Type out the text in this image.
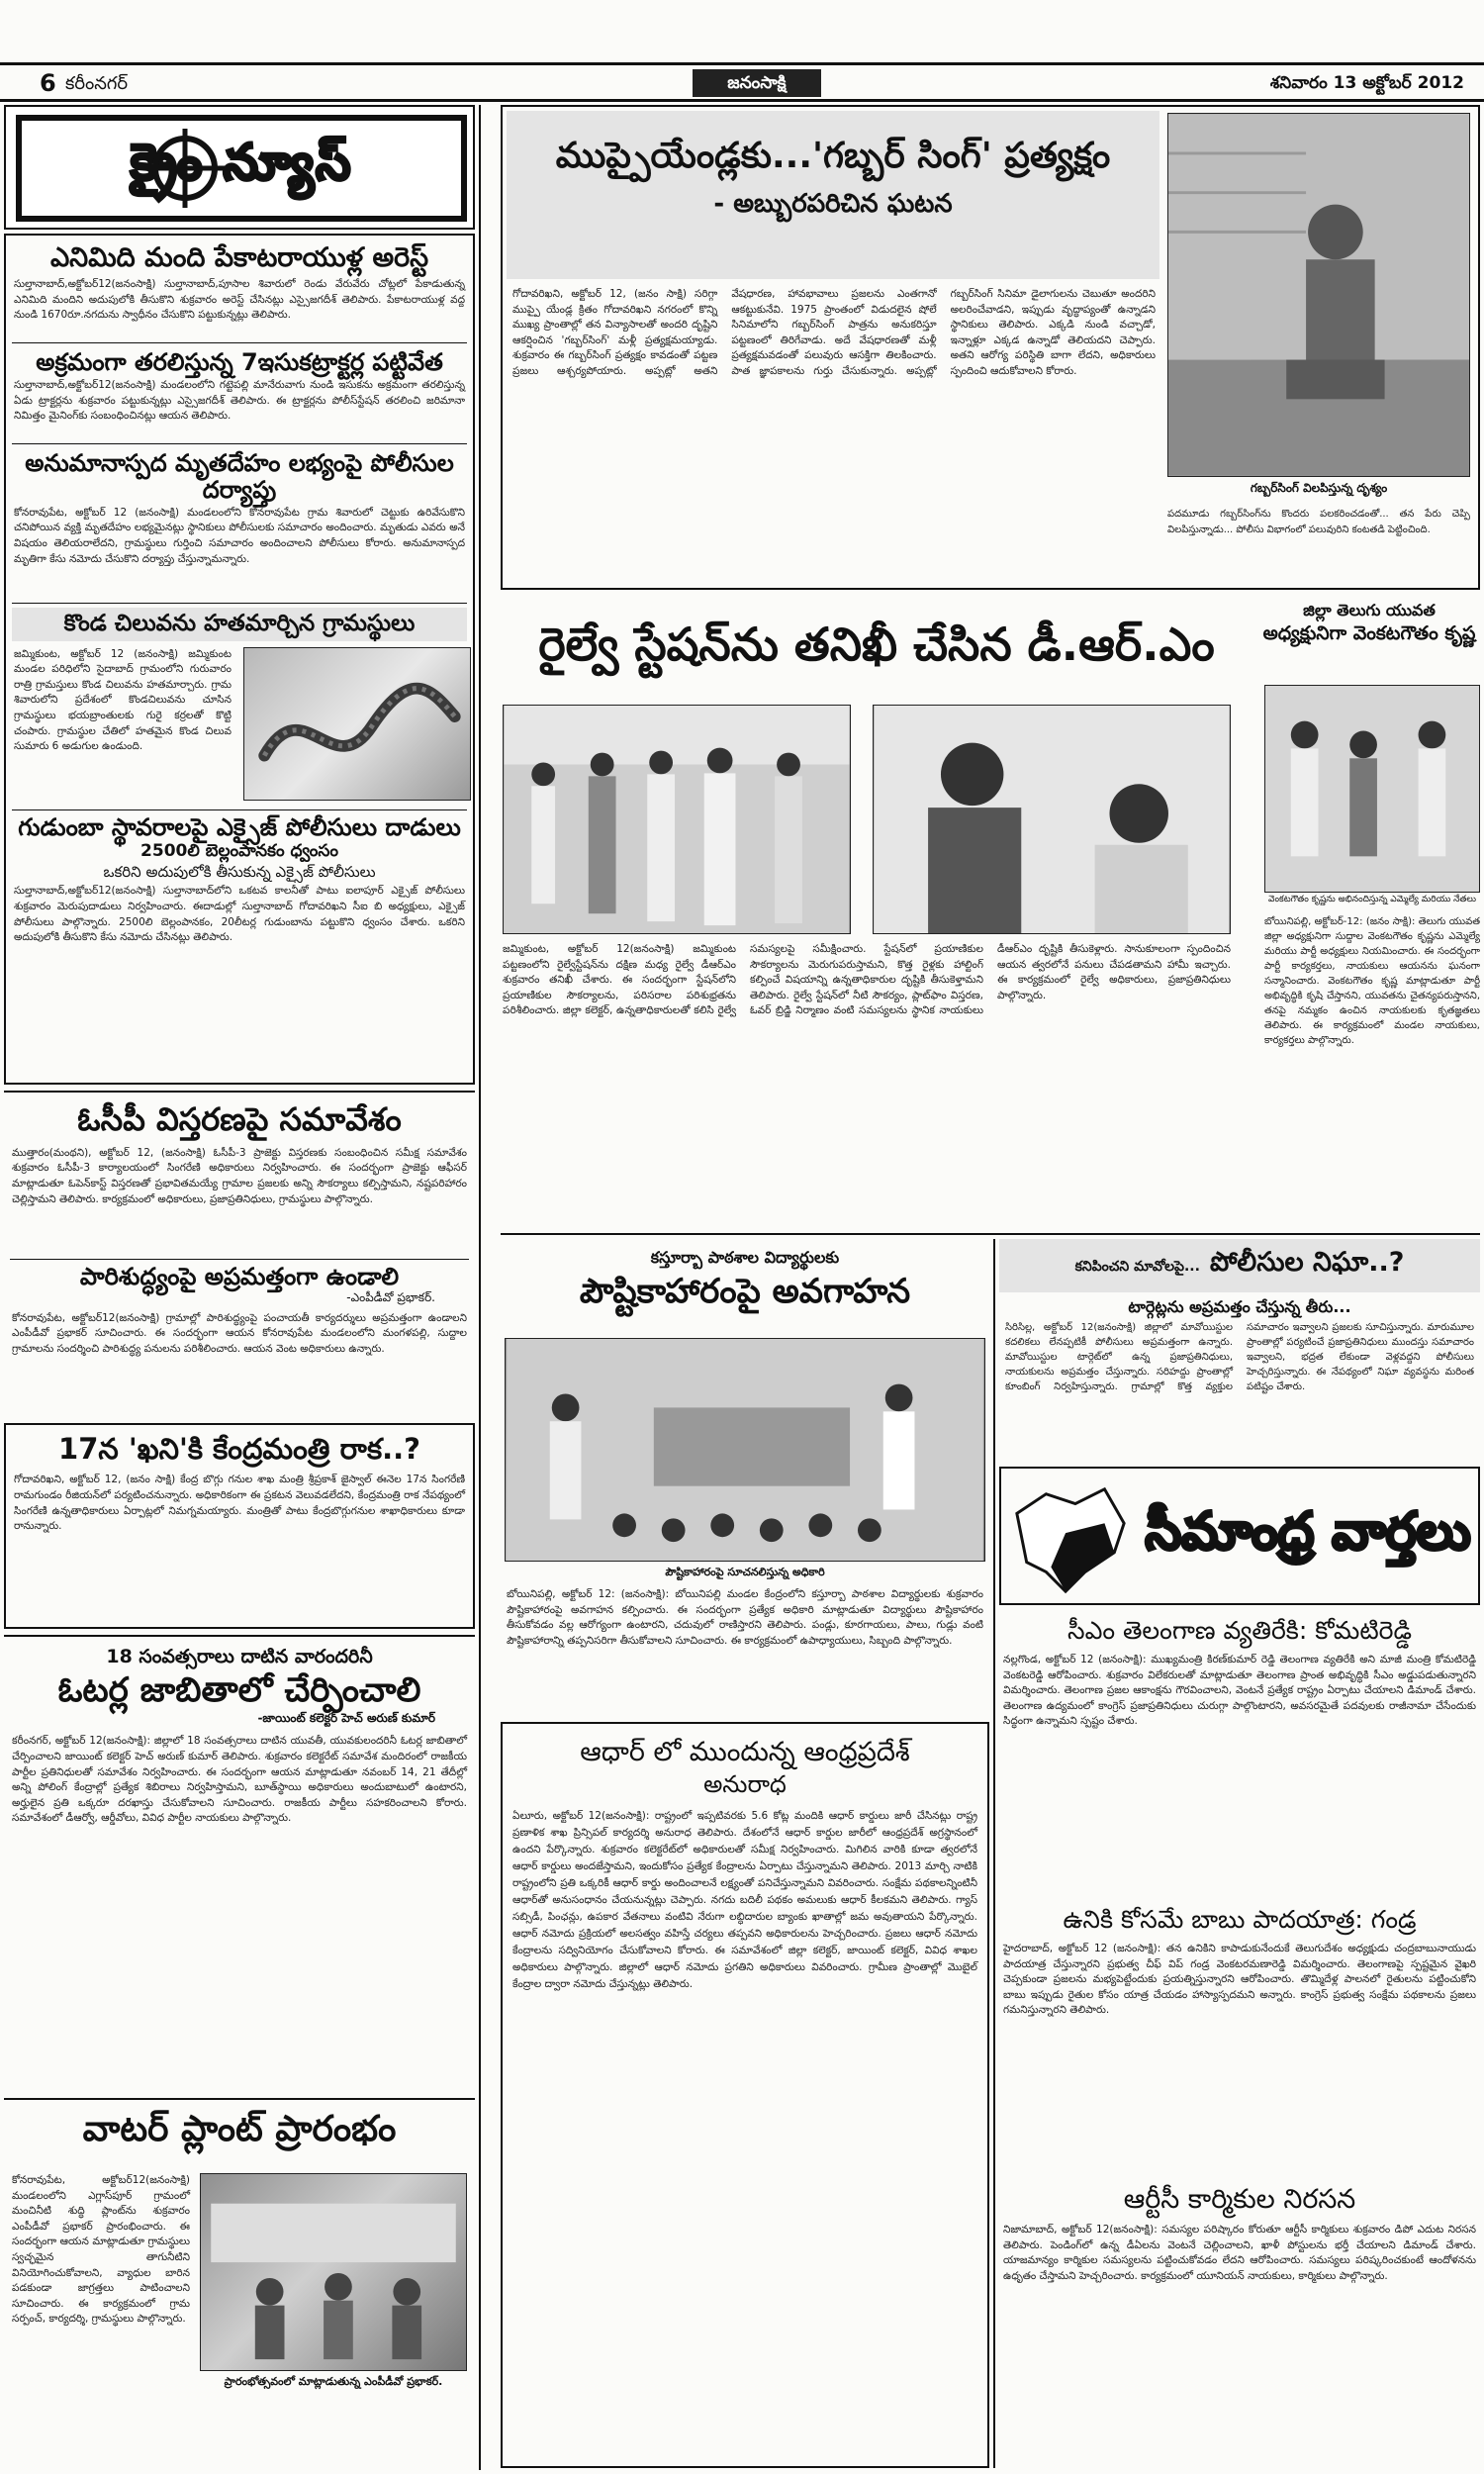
6 కరీంనగర్	జనంసాక్షి	శనివారం 13 అక్టోబర్ 2012
క్రైం న్యూస్
ఎనిమిది మంది పేకాటరాయుళ్ల అరెస్ట్
సుల్తానాబాద్,అక్టోబర్12(జనంసాక్షి) సుల్తానాబాద్,పూసాల శివారులో రెండు వేరువేరు చోట్లలో పేకాడుతున్న ఎనిమిది మందిని అదుపులోకి తీసుకొని శుక్రవారం అరెస్ట్ చేసినట్లు ఎస్సైజగదీశ్ తెలిపారు. పేకాటరాయుళ్ల వద్ద నుండి 1670రూ.నగదును స్వాధీనం చేసుకొని పట్టుకున్నట్లు తెలిపారు.
అక్రమంగా తరలిస్తున్న 7ఇసుకట్రాక్టర్ల పట్టివేత
సుల్తానాబాద్,అక్టోబర్12(జనంసాక్షి) మండలంలోని గట్టెపల్లి మానేరువాగు నుండి ఇసుకను అక్రమంగా తరలిస్తున్న ఏడు ట్రాక్టర్లను శుక్రవారం పట్టుకున్నట్లు ఎస్సైజగదీశ్ తెలిపారు. ఈ ట్రాక్టర్లను పోలీస్‌స్టేషన్ తరలించి జరిమానా నిమిత్తం మైనింగ్‌కు సంబంధించినట్లు ఆయన తెలిపారు.
అనుమానాస్పద మృతదేహం లభ్యంపై పోలీసుల దర్యాప్తు
కోనరావుపేట, అక్టోబర్ 12 (జనంసాక్షి) మండలంలోని కోనరావుపేట గ్రామ శివారులో చెట్టుకు ఉరివేసుకొని చనిపోయిన వ్యక్తి మృతదేహం లభ్యమైనట్లు స్థానికులు పోలీసులకు సమాచారం అందించారు. మృతుడు ఎవరు అనే విషయం తెలియరాలేదని, గ్రామస్థులు గుర్తించి సమాచారం అందించాలని పోలీసులు కోరారు. అనుమానాస్పద మృతిగా కేసు నమోదు చేసుకొని దర్యాప్తు చేస్తున్నామన్నారు.
కొండ చిలువను హతమార్చిన గ్రామస్థులు
జమ్మికుంట, అక్టోబర్ 12 (జనంసాక్షి) జమ్మికుంట మండల పరిధిలోని సైదాబాద్ గ్రామంలోని గురువారం రాత్రి గ్రామస్తులు కొండ చిలువను హతమార్చారు. గ్రామ శివారులోని ప్రదేశంలో కొండచిలువను చూసిన గ్రామస్థులు భయబ్రాంతులకు గురై కర్రలతో కొట్టి చంపారు. గ్రామస్థుల చేతిలో హతమైన కొండ చిలువ సుమారు 6 అడుగుల ఉండుంది.
గుడుంబా స్థావరాలపై ఎక్సైజ్ పోలీసులు దాడులు
2500లి బెల్లంపానకం ధ్వంసం
ఒకరిని అదుపులోకి తీసుకున్న ఎక్సైజ్ పోలీసులు
సుల్తానాబాద్,అక్టోబర్12(జనంసాక్షి) సుల్తానాబాద్‌లోని ఒకటవ కాలనీతో పాటు ఐలాపూర్ ఎక్సైజ్ పోలీసులు శుక్రవారం మెరుపుదాడులు నిర్వహించారు. ఈదాడుల్లో సుల్తానాబాద్ గోదావరిఖని సీఐ బి అధ్యక్షులు, ఎక్సైజ్ పోలీసులు పాల్గొన్నారు. 2500లి బెల్లంపానకం, 20లీటర్ల గుడుంబాను పట్టుకొని ధ్వంసం చేశారు. ఒకరిని అదుపులోకి తీసుకొని కేసు నమోదు చేసినట్లు తెలిపారు.
ఓసీపీ విస్తరణపై సమావేశం
ముత్తారం(మంథని), అక్టోబర్ 12, (జనంసాక్షి) ఓసీపీ-3 ప్రాజెక్టు విస్తరణకు సంబంధించిన సమీక్ష సమావేశం శుక్రవారం ఓసీపీ-3 కార్యాలయంలో సింగరేణి అధికారులు నిర్వహించారు. ఈ సందర్భంగా ప్రాజెక్టు ఆఫీసర్ మాట్లాడుతూ ఓపెన్‌కాస్ట్ విస్తరణతో ప్రభావితమయ్యే గ్రామాల ప్రజలకు అన్ని సౌకర్యాలు కల్పిస్తామని, నష్టపరిహారం చెల్లిస్తామని తెలిపారు. కార్యక్రమంలో అధికారులు, ప్రజాప్రతినిధులు, గ్రామస్థులు పాల్గొన్నారు.
పారిశుద్ధ్యంపై అప్రమత్తంగా ఉండాలి
-ఎంపీడీవో ప్రభాకర్.
కోనరావుపేట, అక్టోబర్12(జనంసాక్షి) గ్రామాల్లో పారిశుద్ధ్యంపై పంచాయతీ కార్యదర్శులు అప్రమత్తంగా ఉండాలని ఎంపీడీవో ప్రభాకర్ సూచించారు. ఈ సందర్భంగా ఆయన కోనరావుపేట మండలంలోని మంగళపల్లి, సుద్దాల గ్రామాలను సందర్శించి పారిశుద్ధ్య పనులను పరిశీలించారు. ఆయన వెంట అధికారులు ఉన్నారు.
17న 'ఖని'కి కేంద్రమంత్రి రాక..?
గోదావరిఖని, అక్టోబర్ 12, (జనం సాక్షి) కేంద్ర బొగ్గు గనుల శాఖ మంత్రి శ్రీప్రకాశ్ జైస్వాల్ ఈనెల 17న సింగరేణి రామగుండం రీజియన్‌లో పర్యటించనున్నారు. అధికారికంగా ఈ ప్రకటన వెలువడలేదని, కేంద్రమంత్రి రాక నేపథ్యంలో సింగరేణి ఉన్నతాధికారులు ఏర్పాట్లలో నిమగ్నమయ్యారు. మంత్రితో పాటు కేంద్రబొగ్గుగనుల శాఖాధికారులు కూడా రానున్నారు.
18 సంవత్సరాలు దాటిన వారందరినీ
ఓటర్ల జాబితాలో చేర్పించాలి
-జాయింట్ కలెక్టర్ హెచ్ అరుణ్ కుమార్
కరీంనగర్, అక్టోబర్ 12(జనంసాక్షి): జిల్లాలో 18 సంవత్సరాలు దాటిన యువతీ, యువకులందరినీ ఓటర్ల జాబితాలో చేర్పించాలని జాయింట్ కలెక్టర్ హెచ్ అరుణ్ కుమార్ తెలిపారు. శుక్రవారం కలెక్టరేట్ సమావేశ మందిరంలో రాజకీయ పార్టీల ప్రతినిధులతో సమావేశం నిర్వహించారు. ఈ సందర్భంగా ఆయన మాట్లాడుతూ నవంబర్ 14, 21 తేదీల్లో అన్ని పోలింగ్ కేంద్రాల్లో ప్రత్యేక శిబిరాలు నిర్వహిస్తామని, బూత్‌స్థాయి అధికారులు అందుబాటులో ఉంటారని, అర్హులైన ప్రతి ఒక్కరూ దరఖాస్తు చేసుకోవాలని సూచించారు. రాజకీయ పార్టీలు సహకరించాలని కోరారు. సమావేశంలో డీఆర్వో, ఆర్డీవోలు, వివిధ పార్టీల నాయకులు పాల్గొన్నారు.
వాటర్ ప్లాంట్ ప్రారంభం
కోనరావుపేట, అక్టోబర్12(జనంసాక్షి) మండలంలోని ఎగ్లాస్‌పూర్ గ్రామంలో మంచినీటి శుద్ధి ప్లాంట్‌ను శుక్రవారం ఎంపీడీవో ప్రభాకర్ ప్రారంభించారు. ఈ సందర్భంగా ఆయన మాట్లాడుతూ గ్రామస్థులు స్వచ్ఛమైన తాగునీటిని వినియోగించుకోవాలని, వ్యాధుల బారిన పడకుండా జాగ్రత్తలు పాటించాలని సూచించారు. ఈ కార్యక్రమంలో గ్రామ సర్పంచ్, కార్యదర్శి, గ్రామస్థులు పాల్గొన్నారు.
ప్రారంభోత్సవంలో మాట్లాడుతున్న ఎంపీడీవో ప్రభాకర్.
ముప్పైయేండ్లకు...'గబ్బర్ సింగ్' ప్రత్యక్షం
- అబ్బురపరిచిన ఘటన
గోదావరిఖని, అక్టోబర్ 12, (జనం సాక్షి) సరిగ్గా ముప్పై యేండ్ల క్రితం గోదావరిఖని నగరంలో కొన్ని ముఖ్య ప్రాంతాల్లో తన విన్యాసాలతో అందరి దృష్టిని ఆకర్షించిన 'గబ్బర్‌సింగ్' మళ్లీ ప్రత్యక్షమయ్యాడు. శుక్రవారం ఈ గబ్బర్‌సింగ్ ప్రత్యక్షం కావడంతో పట్టణ ప్రజలు ఆశ్చర్యపోయారు. అప్పట్లో అతని వేషధారణ, హావభావాలు ప్రజలను ఎంతగానో ఆకట్టుకునేవి. 1975 ప్రాంతంలో విడుదలైన షోలే సినిమాలోని గబ్బర్‌సింగ్ పాత్రను అనుకరిస్తూ పట్టణంలో తిరిగేవాడు. అదే వేషధారణతో మళ్లీ ప్రత్యక్షమవడంతో పలువురు ఆసక్తిగా తిలకించారు. పాత జ్ఞాపకాలను గుర్తు చేసుకున్నారు. అప్పట్లో గబ్బర్‌సింగ్ సినిమా డైలాగులను చెబుతూ అందరిని అలరించేవాడని, ఇప్పుడు వృద్ధాప్యంతో ఉన్నాడని స్థానికులు తెలిపారు. ఎక్కడి నుండి వచ్చాడో, ఇన్నాళ్లూ ఎక్కడ ఉన్నాడో తెలియదని చెప్పారు. అతని ఆరోగ్య పరిస్థితి బాగా లేదని, అధికారులు స్పందించి ఆదుకోవాలని కోరారు.
గబ్బర్‌సింగ్ విలపిస్తున్న దృశ్యం
పదమూడు గబ్బర్‌సింగ్‌ను కొందరు పలకరించడంతో... తన పేరు చెప్పి విలపిస్తున్నాడు... పోలీసు విభాగంలో పలువురిని కంటతడి పెట్టించింది.
జిల్లా తెలుగు యువత
అధ్యక్షునిగా వెంకటగౌతం కృష్ణ
రైల్వే స్టేషన్‌ను తనిఖీ చేసిన డీ.ఆర్.ఎం
జమ్మికుంట, అక్టోబర్ 12(జనంసాక్షి) జమ్మికుంట పట్టణంలోని రైల్వేస్టేషన్‌ను దక్షిణ మధ్య రైల్వే డీఆర్‌ఎం శుక్రవారం తనిఖీ చేశారు. ఈ సందర్భంగా స్టేషన్‌లోని ప్రయాణికుల సౌకర్యాలను, పరిసరాల పరిశుభ్రతను పరిశీలించారు. జిల్లా కలెక్టర్, ఉన్నతాధికారులతో కలిసి రైల్వే సమస్యలపై సమీక్షించారు. స్టేషన్‌లో ప్రయాణికుల సౌకర్యాలను మెరుగుపరుస్తామని, కొత్త రైళ్లకు హాల్టింగ్ కల్పించే విషయాన్ని ఉన్నతాధికారుల దృష్టికి తీసుకెళ్తామని తెలిపారు. రైల్వే స్టేషన్‌లో నీటి సౌకర్యం, ప్లాట్‌ఫాం విస్తరణ, ఓవర్ బ్రిడ్జి నిర్మాణం వంటి సమస్యలను స్థానిక నాయకులు డీఆర్‌ఎం దృష్టికి తీసుకెళ్లారు. సానుకూలంగా స్పందించిన ఆయన త్వరలోనే పనులు చేపడతామని హామీ ఇచ్చారు. ఈ కార్యక్రమంలో రైల్వే అధికారులు, ప్రజాప్రతినిధులు పాల్గొన్నారు.
వెంకటగౌతం కృష్ణను అభినందిస్తున్న ఎమ్మెల్యే మరియు నేతలు
బోయినిపల్లి, అక్టోబర్-12: (జనం సాక్షి): తెలుగు యువత జిల్లా అధ్యక్షునిగా సుద్దాల వెంకటగౌతం కృష్ణను ఎమ్మెల్యే మరియు పార్టీ అధ్యక్షులు నియమించారు. ఈ సందర్భంగా పార్టీ కార్యకర్తలు, నాయకులు ఆయనను ఘనంగా సన్మానించారు. వెంకటగౌతం కృష్ణ మాట్లాడుతూ పార్టీ అభివృద్ధికి కృషి చేస్తానని, యువతను చైతన్యపరుస్తానని, తనపై నమ్మకం ఉంచిన నాయకులకు కృతజ్ఞతలు తెలిపారు. ఈ కార్యక్రమంలో మండల నాయకులు, కార్యకర్తలు పాల్గొన్నారు.
కస్తూర్బా పాఠశాల విద్యార్థులకు
పౌష్టికాహారంపై అవగాహన
పౌష్టికాహారంపై సూచనలిస్తున్న అధికారి
బోయినిపల్లి, అక్టోబర్ 12: (జనంసాక్షి): బోయినిపల్లి మండల కేంద్రంలోని కస్తూర్బా పాఠశాల విద్యార్థులకు శుక్రవారం పౌష్టికాహారంపై అవగాహన కల్పించారు. ఈ సందర్భంగా ప్రత్యేక అధికారి మాట్లాడుతూ విద్యార్థులు పౌష్టికాహారం తీసుకోవడం వల్ల ఆరోగ్యంగా ఉంటారని, చదువులో రాణిస్తారని తెలిపారు. పండ్లు, కూరగాయలు, పాలు, గుడ్లు వంటి పౌష్టికాహారాన్ని తప్పనిసరిగా తీసుకోవాలని సూచించారు. ఈ కార్యక్రమంలో ఉపాధ్యాయులు, సిబ్బంది పాల్గొన్నారు.
కనిపించని మావోలపై... పోలీసుల నిఘా..?
టార్గెట్లను అప్రమత్తం చేస్తున్న తీరు...
సిరిసిల్ల, అక్టోబర్ 12(జనంసాక్షి) జిల్లాలో మావోయిస్టుల కదలికలు లేనప్పటికీ పోలీసులు అప్రమత్తంగా ఉన్నారు. మావోయిస్టుల టార్గెట్‌లో ఉన్న ప్రజాప్రతినిధులు, నాయకులను అప్రమత్తం చేస్తున్నారు. సరిహద్దు ప్రాంతాల్లో కూంబింగ్ నిర్వహిస్తున్నారు. గ్రామాల్లో కొత్త వ్యక్తుల సమాచారం ఇవ్వాలని ప్రజలకు సూచిస్తున్నారు. మారుమూల ప్రాంతాల్లో పర్యటించే ప్రజాప్రతినిధులు ముందస్తు సమాచారం ఇవ్వాలని, భద్రత లేకుండా వెళ్లవద్దని పోలీసులు హెచ్చరిస్తున్నారు. ఈ నేపథ్యంలో నిఘా వ్యవస్థను మరింత పటిష్టం చేశారు.
సీమాంధ్ర వార్తలు
సీఎం తెలంగాణ వ్యతిరేకి: కోమటిరెడ్డి
నల్లగొండ, అక్టోబర్ 12 (జనంసాక్షి): ముఖ్యమంత్రి కిరణ్‌కుమార్ రెడ్డి తెలంగాణ వ్యతిరేకి అని మాజీ మంత్రి కోమటిరెడ్డి వెంకటరెడ్డి ఆరోపించారు. శుక్రవారం విలేకరులతో మాట్లాడుతూ తెలంగాణ ప్రాంత అభివృద్ధికి సీఎం అడ్డుపడుతున్నారని విమర్శించారు. తెలంగాణ ప్రజల ఆకాంక్షను గౌరవించాలని, వెంటనే ప్రత్యేక రాష్ట్రం ఏర్పాటు చేయాలని డిమాండ్ చేశారు. తెలంగాణ ఉద్యమంలో కాంగ్రెస్ ప్రజాప్రతినిధులు చురుగ్గా పాల్గొంటారని, అవసరమైతే పదవులకు రాజీనామా చేసేందుకు సిద్ధంగా ఉన్నామని స్పష్టం చేశారు.
ఉనికి కోసమే బాబు పాదయాత్ర: గండ్ర
హైదరాబాద్, అక్టోబర్ 12 (జనంసాక్షి): తన ఉనికిని కాపాడుకునేందుకే తెలుగుదేశం అధ్యక్షుడు చంద్రబాబునాయుడు పాదయాత్ర చేస్తున్నారని ప్రభుత్వ చీఫ్ విప్ గండ్ర వెంకటరమణారెడ్డి విమర్శించారు. తెలంగాణపై స్పష్టమైన వైఖరి చెప్పకుండా ప్రజలను మభ్యపెట్టేందుకు ప్రయత్నిస్తున్నారని ఆరోపించారు. తొమ్మిదేళ్ల పాలనలో రైతులను పట్టించుకోని బాబు ఇప్పుడు రైతుల కోసం యాత్ర చేయడం హాస్యాస్పదమని అన్నారు. కాంగ్రెస్ ప్రభుత్వ సంక్షేమ పథకాలను ప్రజలు గమనిస్తున్నారని తెలిపారు.
ఆర్టీసీ కార్మికుల నిరసన
నిజామాబాద్, అక్టోబర్ 12(జనంసాక్షి): సమస్యల పరిష్కారం కోరుతూ ఆర్టీసీ కార్మికులు శుక్రవారం డిపో ఎదుట నిరసన తెలిపారు. పెండింగ్‌లో ఉన్న డీఏలను వెంటనే చెల్లించాలని, ఖాళీ పోస్టులను భర్తీ చేయాలని డిమాండ్ చేశారు. యాజమాన్యం కార్మికుల సమస్యలను పట్టించుకోవడం లేదని ఆరోపించారు. సమస్యలు పరిష్కరించకుంటే ఆందోళనను ఉధృతం చేస్తామని హెచ్చరించారు. కార్యక్రమంలో యూనియన్ నాయకులు, కార్మికులు పాల్గొన్నారు.
ఆధార్ లో ముందున్న ఆంధ్రప్రదేశ్
అనురాధ
ఏలూరు, అక్టోబర్ 12(జనంసాక్షి): రాష్ట్రంలో ఇప్పటివరకు 5.6 కోట్ల మందికి ఆధార్ కార్డులు జారీ చేసినట్లు రాష్ట్ర ప్రణాళిక శాఖ ప్రిన్సిపల్ కార్యదర్శి అనురాధ తెలిపారు. దేశంలోనే ఆధార్ కార్డుల జారీలో ఆంధ్రప్రదేశ్ అగ్రస్థానంలో ఉందని పేర్కొన్నారు. శుక్రవారం కలెక్టరేట్‌లో అధికారులతో సమీక్ష నిర్వహించారు. మిగిలిన వారికి కూడా త్వరలోనే ఆధార్ కార్డులు అందజేస్తామని, ఇందుకోసం ప్రత్యేక కేంద్రాలను ఏర్పాటు చేస్తున్నామని తెలిపారు. 2013 మార్చి నాటికి రాష్ట్రంలోని ప్రతి ఒక్కరికీ ఆధార్ కార్డు అందించాలనే లక్ష్యంతో పనిచేస్తున్నామని వివరించారు. సంక్షేమ పథకాలన్నింటినీ ఆధార్‌తో అనుసంధానం చేయనున్నట్లు చెప్పారు. నగదు బదిలీ పథకం అమలుకు ఆధార్ కీలకమని తెలిపారు. గ్యాస్ సబ్సిడీ, పింఛన్లు, ఉపకార వేతనాలు వంటివి నేరుగా లబ్ధిదారుల బ్యాంకు ఖాతాల్లో జమ అవుతాయని పేర్కొన్నారు. ఆధార్ నమోదు ప్రక్రియలో అలసత్వం వహిస్తే చర్యలు తప్పవని అధికారులను హెచ్చరించారు. ప్రజలు ఆధార్ నమోదు కేంద్రాలను సద్వినియోగం చేసుకోవాలని కోరారు. ఈ సమావేశంలో జిల్లా కలెక్టర్, జాయింట్ కలెక్టర్, వివిధ శాఖల అధికారులు పాల్గొన్నారు. జిల్లాలో ఆధార్ నమోదు ప్రగతిని అధికారులు వివరించారు. గ్రామీణ ప్రాంతాల్లో మొబైల్ కేంద్రాల ద్వారా నమోదు చేస్తున్నట్లు తెలిపారు.
